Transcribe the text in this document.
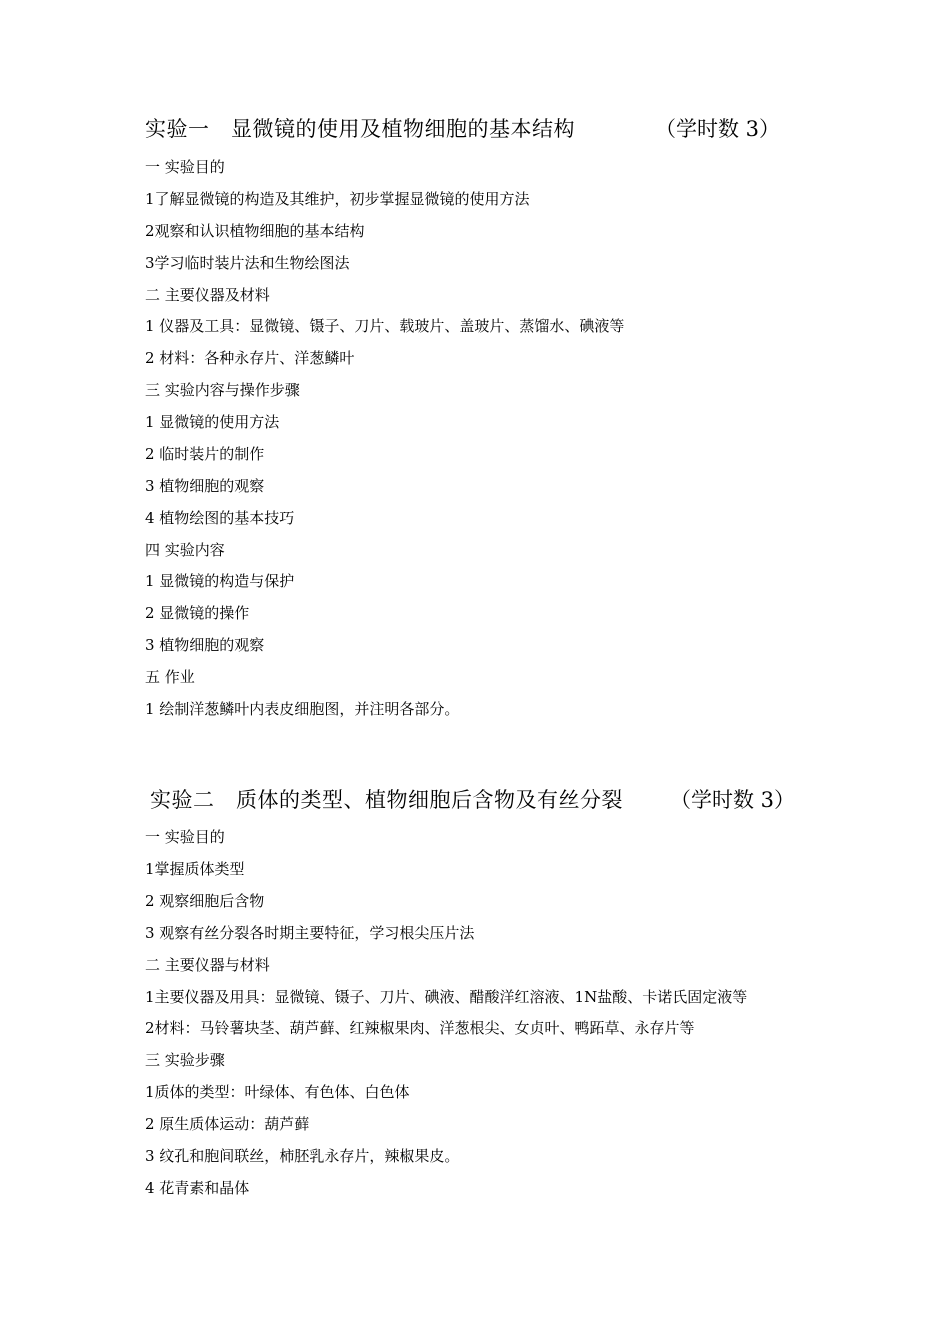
实验一   显微镜的使用及植物细胞的基本结构	（学时数 3）
一 实验目的
1了解显微镜的构造及其维护，初步掌握显微镜的使用方法
2观察和认识植物细胞的基本结构
3学习临时装片法和生物绘图法
二 主要仪器及材料
1 仪器及工具：显微镜、镊子、刀片、载玻片、盖玻片、蒸馏水、碘液等
2 材料：各种永存片、洋葱鳞叶
三 实验内容与操作步骤
1 显微镜的使用方法
2 临时装片的制作
3 植物细胞的观察
4 植物绘图的基本技巧
四 实验内容
1 显微镜的构造与保护
2 显微镜的操作
3 植物细胞的观察
五 作业
1 绘制洋葱鳞叶内表皮细胞图，并注明各部分。
实验二   质体的类型、植物细胞后含物及有丝分裂 （学时数 3）
一 实验目的
1掌握质体类型
2 观察细胞后含物
3 观察有丝分裂各时期主要特征，学习根尖压片法
二 主要仪器与材料
1主要仪器及用具：显微镜、镊子、刀片、碘液、醋酸洋红溶液、1N盐酸、卡诺氏固定液等
2材料：马铃薯块茎、葫芦藓、红辣椒果肉、洋葱根尖、女贞叶、鸭跖草、永存片等
三 实验步骤
1质体的类型：叶绿体、有色体、白色体
2 原生质体运动：葫芦藓
3 纹孔和胞间联丝，柿胚乳永存片，辣椒果皮。
4 花青素和晶体
